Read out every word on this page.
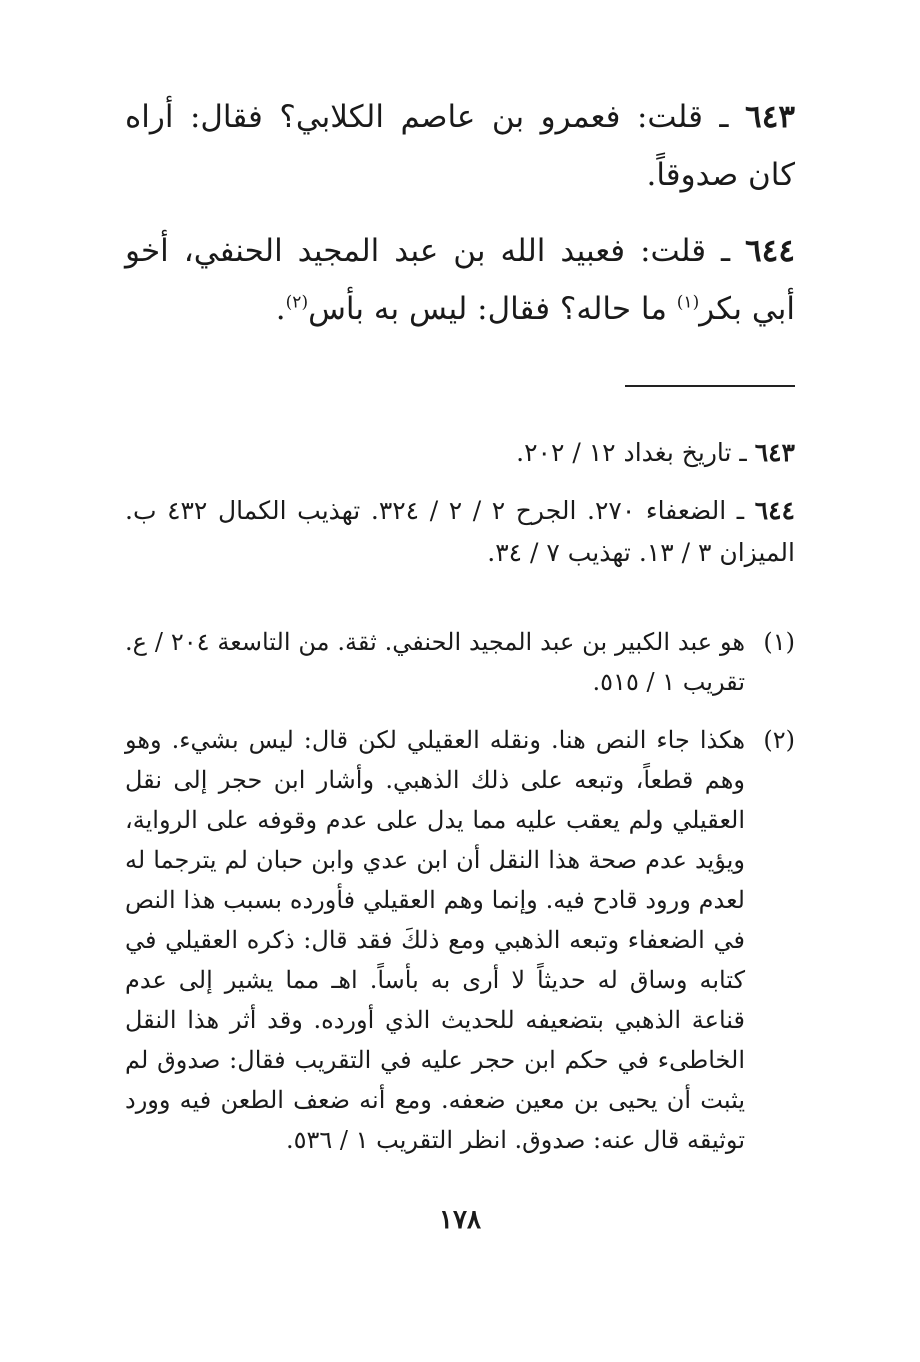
٦٤٣ ـ قلت: فعمرو بن عاصم الكلابي؟ فقال: أراه كان صدوقاً.
٦٤٤ ـ قلت: فعبيد الله بن عبد المجيد الحنفي، أخو أبي بكر$^{(١)}$ ما حاله؟ فقال: ليس به بأس$^{(٢)}$.
٦٤٣ ـ تاريخ بغداد ١٢ / ٢٠٢.
٦٤٤ ـ الضعفاء ٢٧٠. الجرح ٢ / ٢ / ٣٢٤. تهذيب الكمال ٤٣٢ ب. الميزان ٣ / ١٣. تهذيب ٧ / ٣٤.
(١)
هو عبد الكبير بن عبد المجيد الحنفي. ثقة. من التاسعة ٢٠٤ / ع. تقريب ١ / ٥١٥.
(٢)
هكذا جاء النص هنا. ونقله العقيلي لكن قال: ليس بشيء. وهو وهم قطعاً، وتبعه على ذلك الذهبي. وأشار ابن حجر إلى نقل العقيلي ولم يعقب عليه مما يدل على عدم وقوفه على الرواية، ويؤيد عدم صحة هذا النقل أن ابن عدي وابن حبان لم يترجما له لعدم ورود قادح فيه. وإنما وهم العقيلي فأورده بسبب هذا النص في الضعفاء وتبعه الذهبي ومع ذلكَ فقد قال: ذكره العقيلي في كتابه وساق له حديثاً لا أرى به بأساً. اهـ مما يشير إلى عدم قناعة الذهبي بتضعيفه للحديث الذي أورده. وقد أثر هذا النقل الخاطىء في حكم ابن حجر عليه في التقريب فقال: صدوق لم يثبت أن يحيى بن معين ضعفه. ومع أنه ضعف الطعن فيه وورد توثيقه قال عنه: صدوق. انظر التقريب ١ / ٥٣٦.
١٧٨
